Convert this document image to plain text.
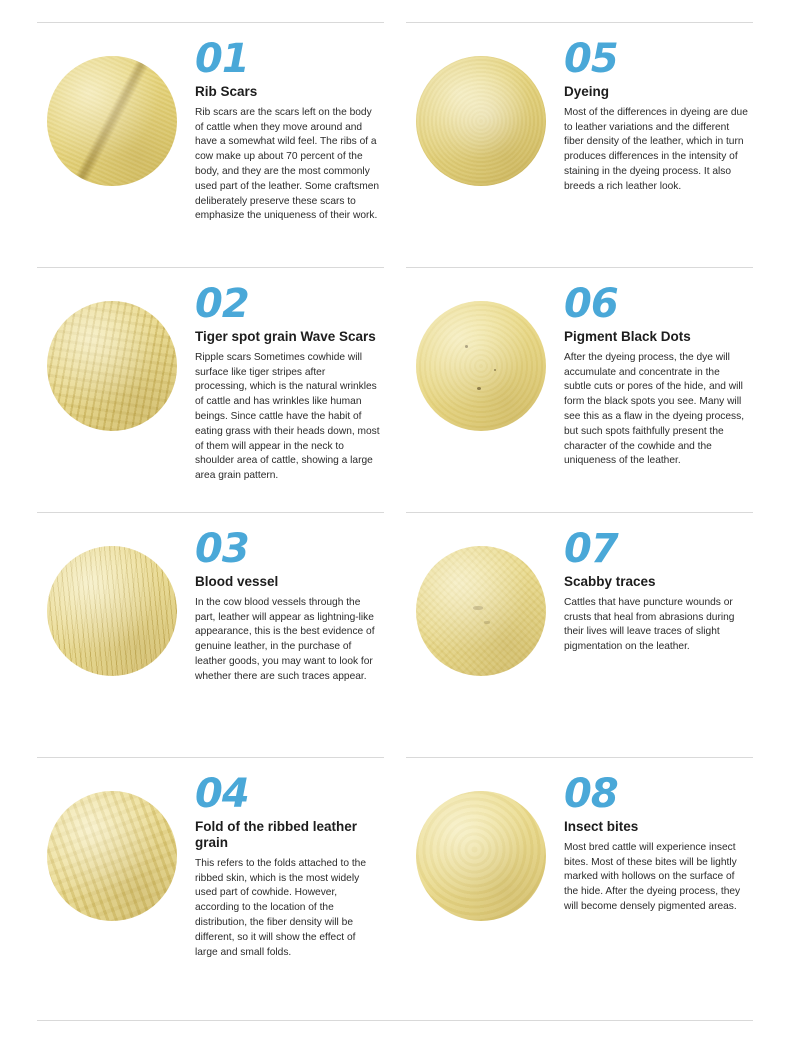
01
Rib Scars
Rib scars are the scars left on the body of cattle when they move around and have a somewhat wild feel. The ribs of a cow make up about 70 percent of the body, and they are the most commonly used part of the leather. Some craftsmen deliberately preserve these scars to emphasize the uniqueness of their work.
05
Dyeing
Most of the differences in dyeing are due to leather variations and the different fiber density of the leather, which in turn produces differences in the intensity of staining in the dyeing process. It also breeds a rich leather look.
02
Tiger spot grain Wave Scars
Ripple scars Sometimes cowhide will surface like tiger stripes after processing, which is the natural wrinkles of cattle and has wrinkles like human beings. Since cattle have the habit of eating grass with their heads down, most of them will appear in the neck to shoulder area of cattle, showing a large area grain pattern.
06
Pigment Black Dots
After the dyeing process, the dye will accumulate and concentrate in the subtle cuts or pores of the hide, and will form the black spots you see. Many will see this as a flaw in the dyeing process, but such spots faithfully present the character of the cowhide and the uniqueness of the leather.
03
Blood vessel
In the cow blood vessels through the part, leather will appear as lightning-like appearance, this is the best evidence of genuine leather, in the purchase of leather goods, you may want to look for whether there are such traces appear.
07
Scabby traces
Cattles that have puncture wounds or crusts that heal from abrasions during their lives will leave traces of slight pigmentation on the leather.
04
Fold of the ribbed leather grain
This refers to the folds attached to the ribbed skin, which is the most widely used part of cowhide. However, according to the location of the distribution, the fiber density will be different, so it will show the effect of large and small folds.
08
Insect bites
Most bred cattle will experience insect bites. Most of these bites will be lightly marked with hollows on the surface of the hide. After the dyeing process, they will become densely pigmented areas.
